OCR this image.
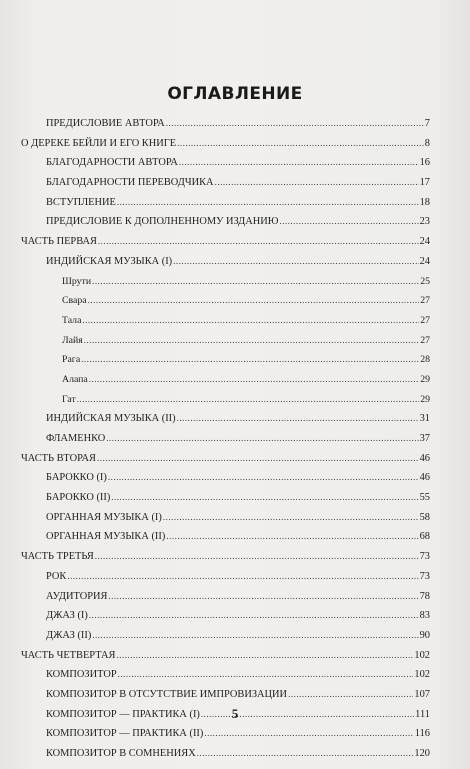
ОГЛАВЛЕНИЕ
ПРЕДИСЛОВИЕ АВТОРА .....	7
О ДЕРЕКЕ БЕЙЛИ И ЕГО КНИГЕ .....	8
БЛАГОДАРНОСТИ АВТОРА .....	16
БЛАГОДАРНОСТИ ПЕРЕВОДЧИКА .....	17
ВСТУПЛЕНИЕ .....	18
ПРЕДИСЛОВИЕ К ДОПОЛНЕННОМУ ИЗДАНИЮ .....	23
ЧАСТЬ ПЕРВАЯ .....	24
ИНДИЙСКАЯ МУЗЫКА (I) .....	24
Шрути .....	25
Свара .....	27
Тала .....	27
Лайя .....	27
Рага .....	28
Алапа .....	29
Гат .....	29
ИНДИЙСКАЯ МУЗЫКА (II) .....	31
ФЛАМЕНКО .....	37
ЧАСТЬ ВТОРАЯ .....	46
БАРОККО (I) .....	46
БАРОККО (II) .....	55
ОРГАННАЯ МУЗЫКА (I) .....	58
ОРГАННАЯ МУЗЫКА (II) .....	68
ЧАСТЬ ТРЕТЬЯ .....	73
РОК .....	73
АУДИТОРИЯ .....	78
ДЖАЗ (I) .....	83
ДЖАЗ (II) .....	90
ЧАСТЬ ЧЕТВЕРТАЯ .....	102
КОМПОЗИТОР .....	102
КОМПОЗИТОР В ОТСУТСТВИЕ ИМПРОВИЗАЦИИ .....	107
КОМПОЗИТОР — ПРАКТИКА (I) .....	111
КОМПОЗИТОР — ПРАКТИКА (II) .....	116
КОМПОЗИТОР В СОМНЕНИЯХ .....	120
5
